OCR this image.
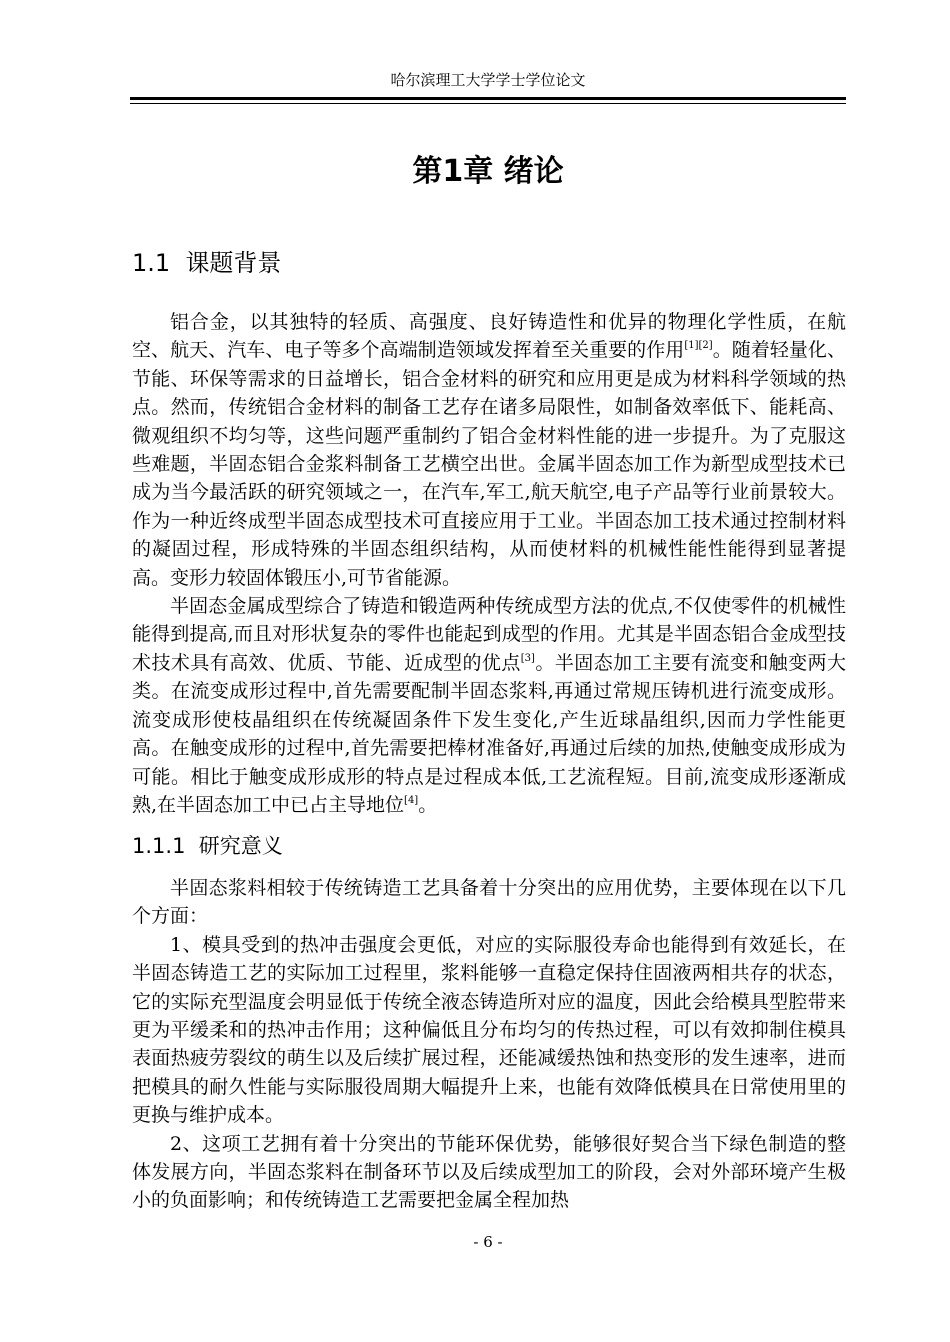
哈尔滨理工大学学士学位论文
第1章 绪论
1.1 课题背景

铝合金，以其独特的轻质、高强度、良好铸造性和优异的物理化学性质，在航空、航天、汽车、电子等多个高端制造领域发挥着至关重要的作用[1][2]。随着轻量化、节能、环保等需求的日益增长，铝合金材料的研究和应用更是成为材料科学领域的热点。然而，传统铝合金材料的制备工艺存在诸多局限性，如制备效率低下、能耗高、微观组织不均匀等，这些问题严重制约了铝合金材料性能的进一步提升。为了克服这些难题，半固态铝合金浆料制备工艺横空出世。金属半固态加工作为新型成型技术已成为当今最活跃的研究领域之一，在汽车,军工,航天航空,电子产品等行业前景较大。作为一种近终成型半固态成型技术可直接应用于工业。半固态加工技术通过控制材料的凝固过程，形成特殊的半固态组织结构，从而使材料的机械性能性能得到显著提高。变形力较固体锻压小,可节省能源。

半固态金属成型综合了铸造和锻造两种传统成型方法的优点,不仅使零件的机械性能得到提高,而且对形状复杂的零件也能起到成型的作用。尤其是半固态铝合金成型技术技术具有高效、优质、节能、近成型的优点[3]。半固态加工主要有流变和触变两大类。在流变成形过程中,首先需要配制半固态浆料,再通过常规压铸机进行流变成形。流变成形使枝晶组织在传统凝固条件下发生变化,产生近球晶组织,因而力学性能更高。在触变成形的过程中,首先需要把棒材准备好,再通过后续的加热,使触变成形成为可能。相比于触变成形成形的特点是过程成本低,工艺流程短。目前,流变成形逐渐成熟,在半固态加工中已占主导地位[4]。

1.1.1 研究意义

半固态浆料相较于传统铸造工艺具备着十分突出的应用优势，主要体现在以下几个方面：

1、模具受到的热冲击强度会更低，对应的实际服役寿命也能得到有效延长，在半固态铸造工艺的实际加工过程里，浆料能够一直稳定保持住固液两相共存的状态，它的实际充型温度会明显低于传统全液态铸造所对应的温度，因此会给模具型腔带来更为平缓柔和的热冲击作用；这种偏低且分布均匀的传热过程，可以有效抑制住模具表面热疲劳裂纹的萌生以及后续扩展过程，还能减缓热蚀和热变形的发生速率，进而把模具的耐久性能与实际服役周期大幅提升上来，也能有效降低模具在日常使用里的更换与维护成本。

2、这项工艺拥有着十分突出的节能环保优势，能够很好契合当下绿色制造的整体发展方向，半固态浆料在制备环节以及后续成型加工的阶段，会对外部环境产生极小的负面影响；和传统铸造工艺需要把金属全程加热

- 6 -
